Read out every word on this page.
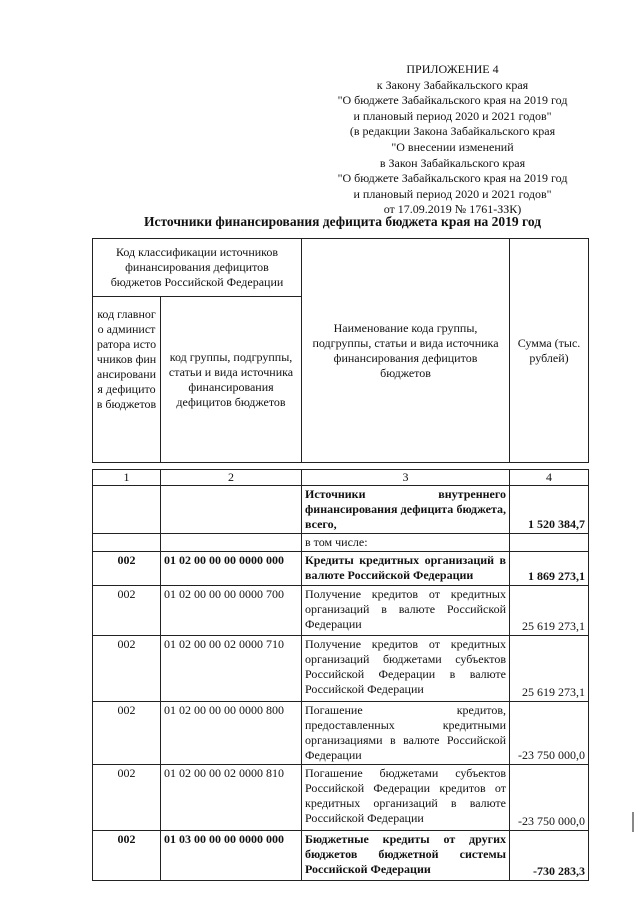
ПРИЛОЖЕНИЕ 4
к Закону Забайкальского края
"О бюджете Забайкальского края на 2019 год
и плановый период 2020 и 2021 годов"
(в редакции Закона Забайкальского края
"О внесении изменений
в Закон Забайкальского края
"О бюджете Забайкальского края на 2019 год
и плановый период 2020 и 2021 годов"
от 17.09.2019 № 1761-ЗЗК)
Источники финансирования дефицита бюджета края на 2019 год
Код классификации источников финансирования дефицитов бюджетов Российской Федерации		Наименование кода группы, подгруппы, статьи и вида источника финансирования дефицитов бюджетов	Сумма (тыс. рублей)
код главного администратора источников финансирования дефицитов бюджетов	код группы, подгруппы, статьи и вида источника финансирования дефицитов бюджетов		
1	2	3	4
		Источники внутреннего финансирования дефицита бюджета, всего,	1 520 384,7
		в том числе:	
002	01 02 00 00 00 0000 000	Кредиты кредитных организаций в валюте Российской Федерации	1 869 273,1
002	01 02 00 00 00 0000 700	Получение кредитов от кредитных организаций в валюте Российской Федерации	25 619 273,1
002	01 02 00 00 02 0000 710	Получение кредитов от кредитных организаций бюджетами субъектов Российской Федерации в валюте Российской Федерации	25 619 273,1
002	01 02 00 00 00 0000 800	Погашение кредитов, предоставленных кредитными организациями в валюте Российской Федерации	-23 750 000,0
002	01 02 00 00 02 0000 810	Погашение бюджетами субъектов Российской Федерации кредитов от кредитных организаций в валюте Российской Федерации	-23 750 000,0
002	01 03 00 00 00 0000 000	Бюджетные кредиты от других бюджетов бюджетной системы Российской Федерации	-730 283,3
